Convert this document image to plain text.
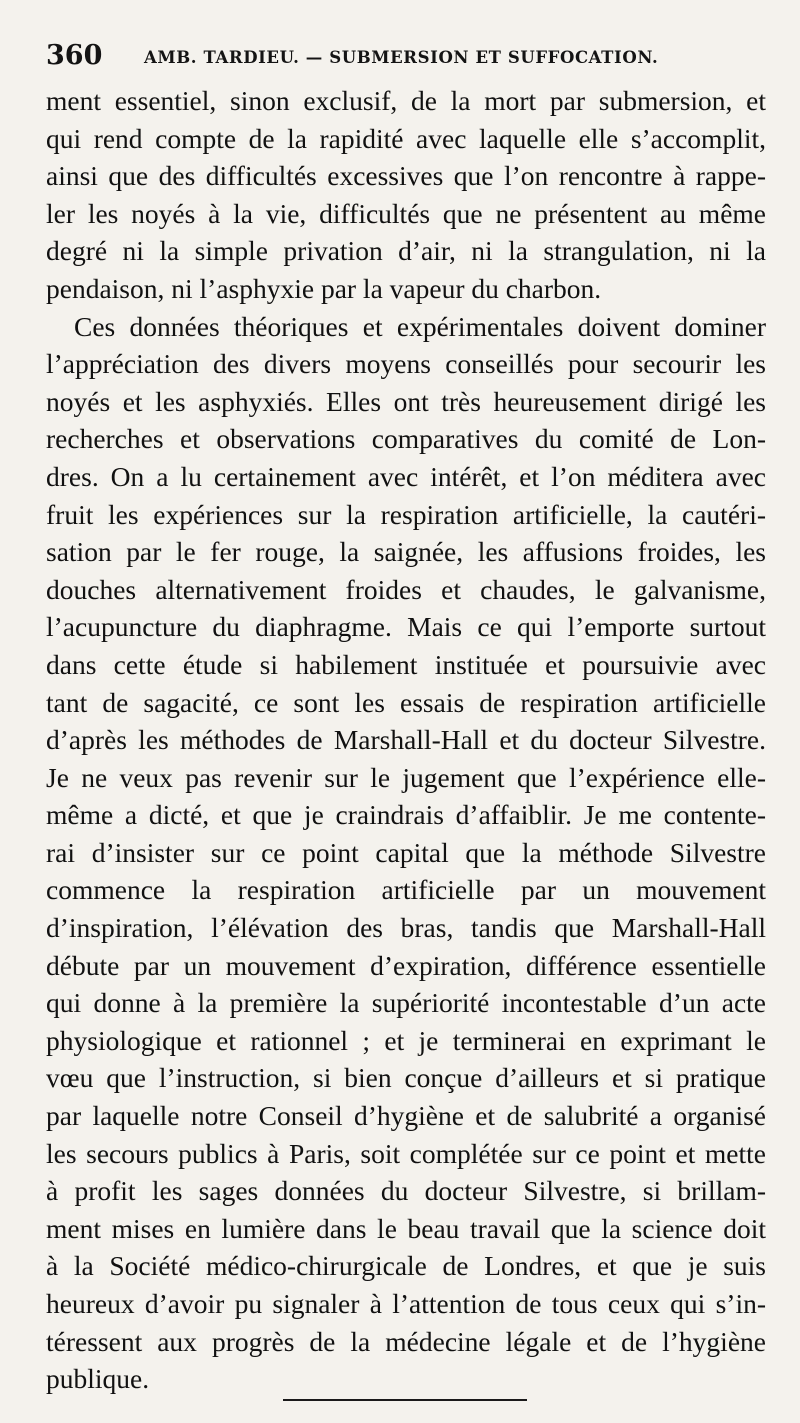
360	AMB. TARDIEU. — SUBMERSION ET SUFFOCATION.
ment essentiel, sinon exclusif, de la mort par submersion, et
qui rend compte de la rapidité avec laquelle elle s’accomplit,
ainsi que des difficultés excessives que l’on rencontre à rappe-
ler les noyés à la vie, difficultés que ne présentent au même
degré ni la simple privation d’air, ni la strangulation, ni la
pendaison, ni l’asphyxie par la vapeur du charbon.
Ces données théoriques et expérimentales doivent dominer
l’appréciation des divers moyens conseillés pour secourir les
noyés et les asphyxiés. Elles ont très heureusement dirigé les
recherches et observations comparatives du comité de Lon-
dres. On a lu certainement avec intérêt, et l’on méditera avec
fruit les expériences sur la respiration artificielle, la cautéri-
sation par le fer rouge, la saignée, les affusions froides, les
douches alternativement froides et chaudes, le galvanisme,
l’acupuncture du diaphragme. Mais ce qui l’emporte surtout
dans cette étude si habilement instituée et poursuivie avec
tant de sagacité, ce sont les essais de respiration artificielle
d’après les méthodes de Marshall-Hall et du docteur Silvestre.
Je ne veux pas revenir sur le jugement que l’expérience elle-
même a dicté, et que je craindrais d’affaiblir. Je me contente-
rai d’insister sur ce point capital que la méthode Silvestre
commence la respiration artificielle par un mouvement
d’inspiration, l’élévation des bras, tandis que Marshall-Hall
débute par un mouvement d’expiration, différence essentielle
qui donne à la première la supériorité incontestable d’un acte
physiologique et rationnel ; et je terminerai en exprimant le
vœu que l’instruction, si bien conçue d’ailleurs et si pratique
par laquelle notre Conseil d’hygiène et de salubrité a organisé
les secours publics à Paris, soit complétée sur ce point et mette
à profit les sages données du docteur Silvestre, si brillam-
ment mises en lumière dans le beau travail que la science doit
à la Société médico-chirurgicale de Londres, et que je suis
heureux d’avoir pu signaler à l’attention de tous ceux qui s’in-
téressent aux progrès de la médecine légale et de l’hygiène
publique.
